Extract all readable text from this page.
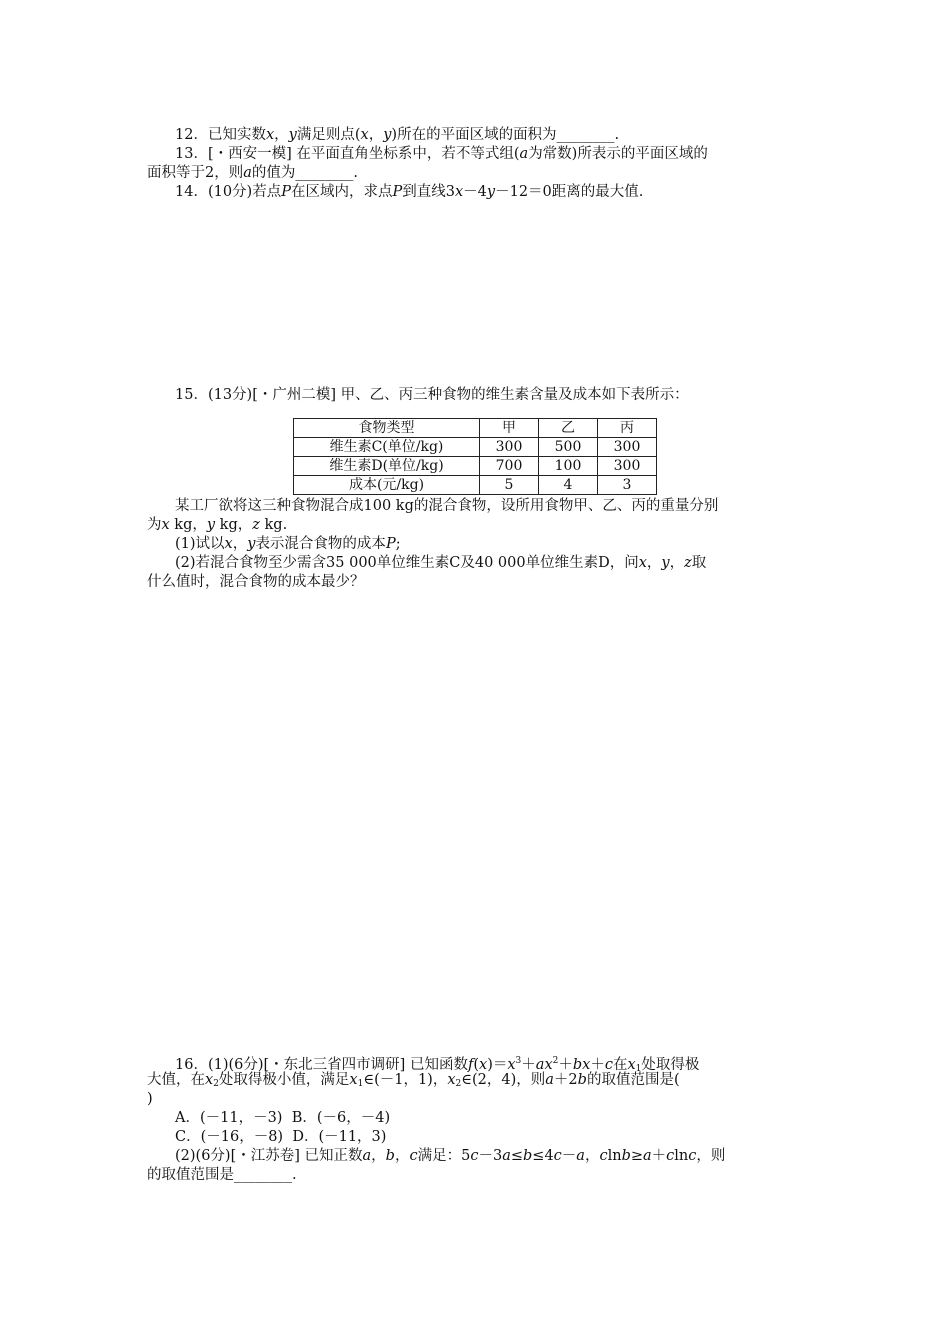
12．已知实数x，y满足则点(x，y)所在的平面区域的面积为________.
13．[・西安一模] 在平面直角坐标系中，若不等式组(a为常数)所表示的平面区域的
面积等于2，则a的值为________.
14．(10分)若点P在区域内，求点P到直线3x－4y－12＝0距离的最大值.
15．(13分)[・广州二模] 甲、乙、丙三种食物的维生素含量及成本如下表所示：
食物类型	甲	乙	丙
维生素C(单位/kg)	300	500	300
维生素D(单位/kg)	700	100	300
成本(元/kg)	5	4	3
某工厂欲将这三种食物混合成100 kg的混合食物，设所用食物甲、乙、丙的重量分别
为x kg，y kg，z kg.
(1)试以x，y表示混合食物的成本P;
(2)若混合食物至少需含35 000单位维生素C及40 000单位维生素D，问x，y，z取
什么值时，混合食物的成本最少？
16．(1)(6分)[・东北三省四市调研] 已知函数$f(x)=x^3+ax^2+bx+c$在$x_1$处取得极
大值，在$x_2$处取得极小值，满足$x_1\in(-1$，1)，$x_2\in(2$，4)，则a＋2b的取值范围是(
)
A．(－11，－3) B．(－6，－4)
C．(－16，－8) D．(－11，3)
(2)(6分)[・江苏卷] 已知正数a，b，c满足：5c－3a≤b≤4c－a，clnb≥a＋clnc，则
的取值范围是________.
